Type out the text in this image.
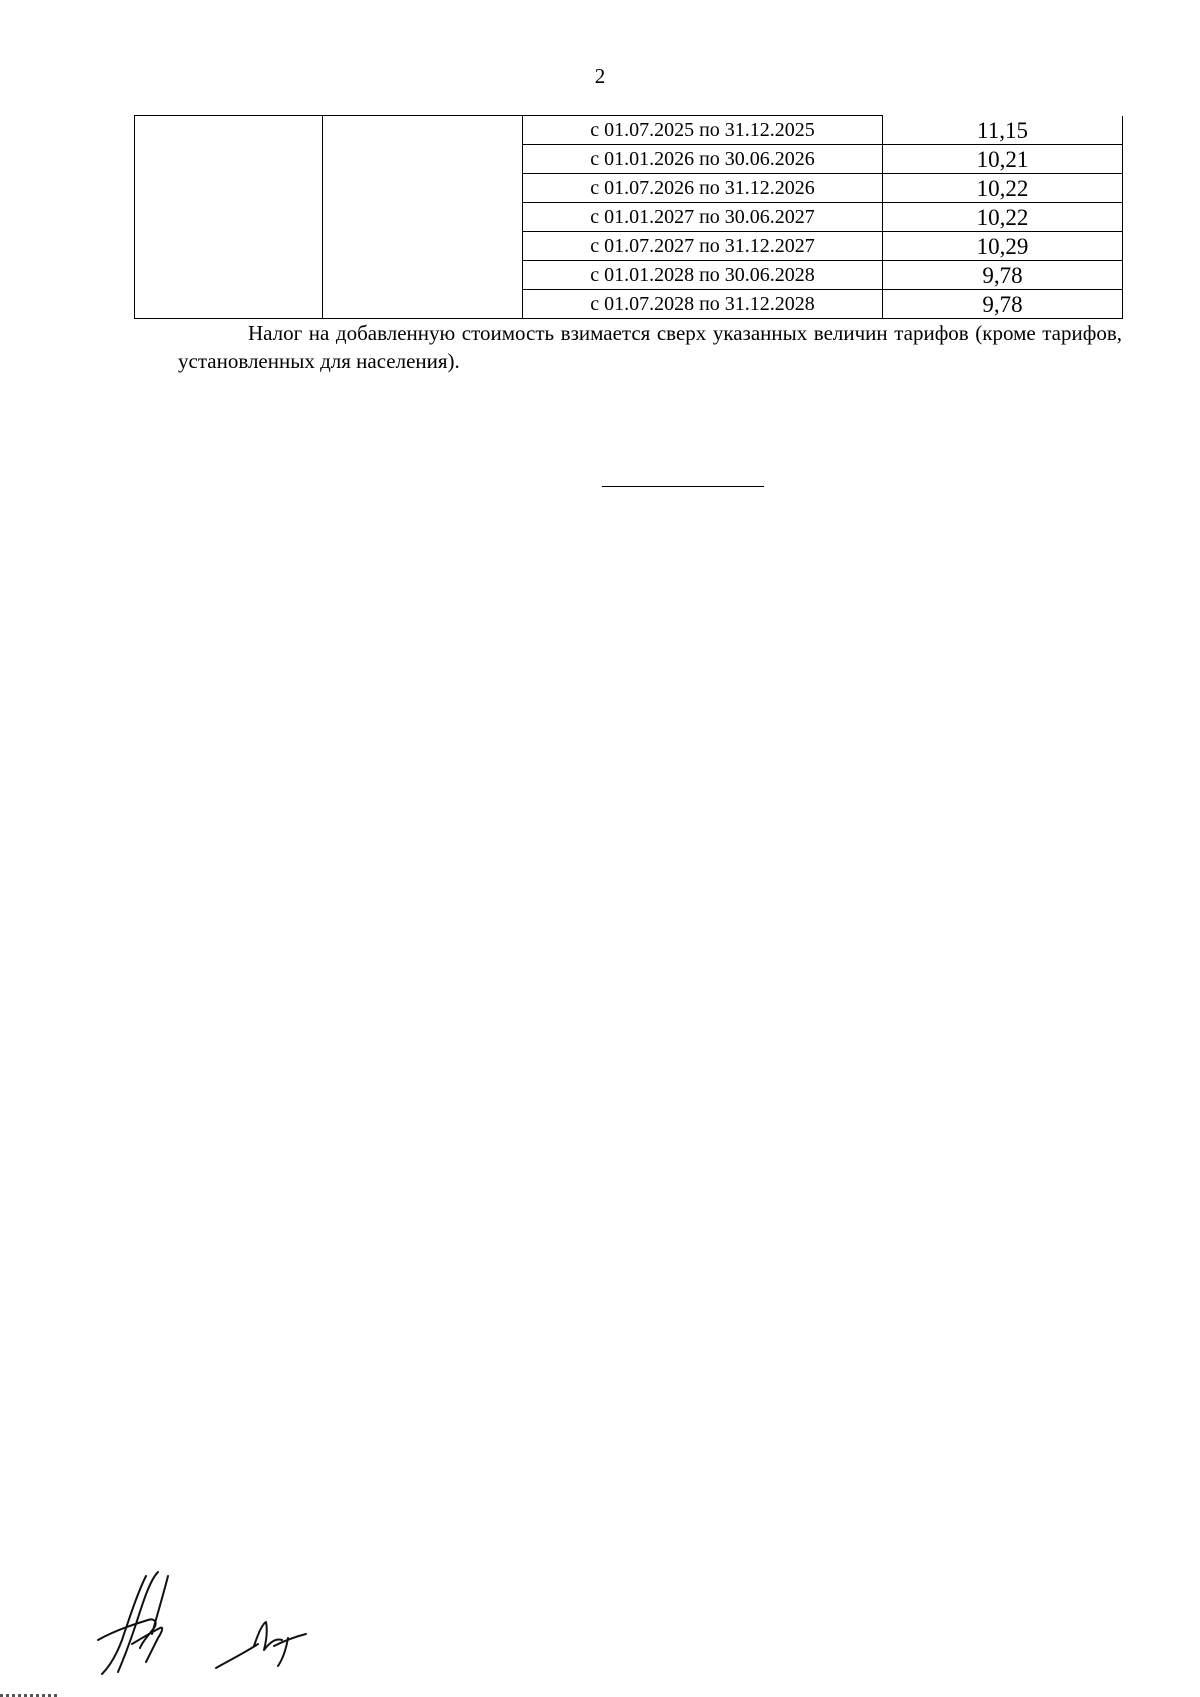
2
		с 01.07.2025 по 31.12.2025	11,15
		с 01.01.2026 по 30.06.2026	10,21
		с 01.07.2026 по 31.12.2026	10,22
		с 01.01.2027 по 30.06.2027	10,22
		с 01.07.2027 по 31.12.2027	10,29
		с 01.01.2028 по 30.06.2028	9,78
		с 01.07.2028 по 31.12.2028	9,78

Налог на добавленную стоимость взимается сверх указанных величин тарифов (кроме тарифов, установленных для населения).
